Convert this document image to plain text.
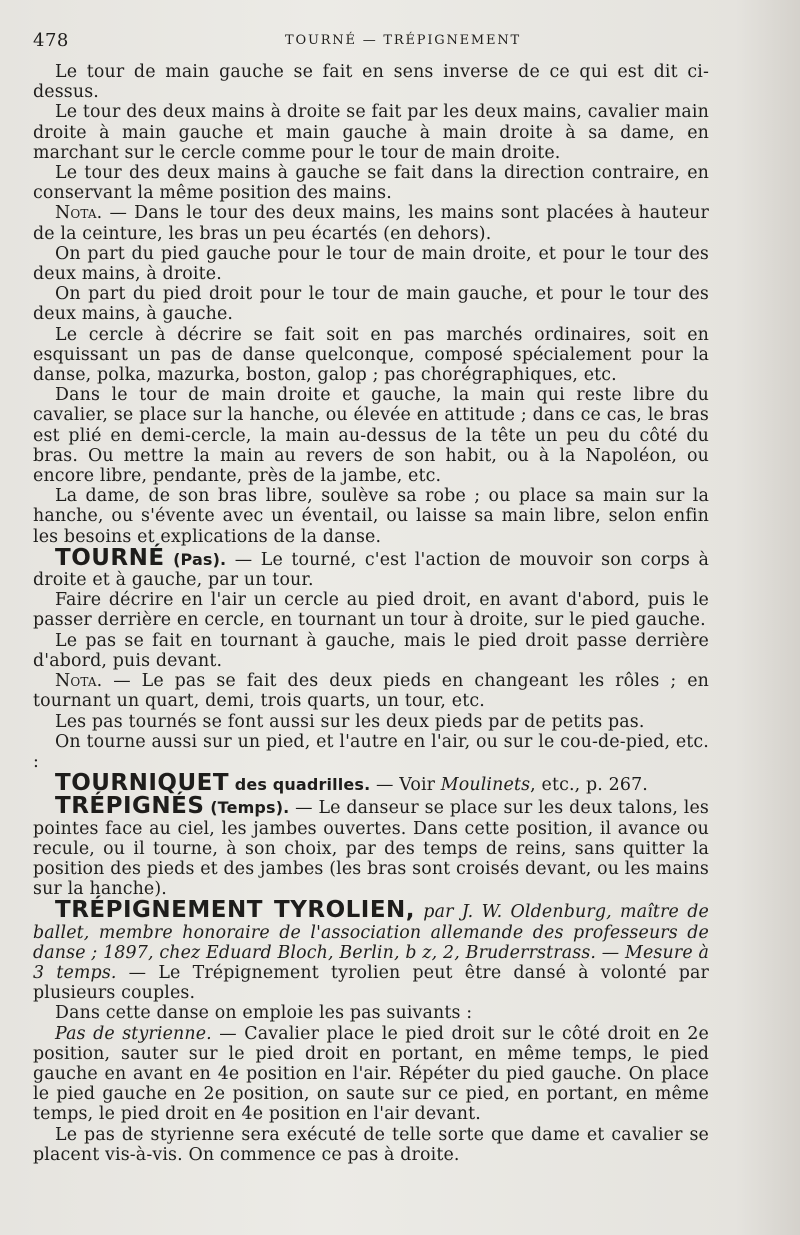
478	TOURNÉ — TRÉPIGNEMENT

Le tour de main gauche se fait en sens inverse de ce qui est dit ci-dessus.

Le tour des deux mains à droite se fait par les deux mains, cavalier main droite à main gauche et main gauche à main droite à sa dame, en marchant sur le cercle comme pour le tour de main droite.

Le tour des deux mains à gauche se fait dans la direction contraire, en conservant la même position des mains.

Nota. — Dans le tour des deux mains, les mains sont placées à hauteur de la ceinture, les bras un peu écartés (en dehors).

On part du pied gauche pour le tour de main droite, et pour le tour des deux mains, à droite.

On part du pied droit pour le tour de main gauche, et pour le tour des deux mains, à gauche.

Le cercle à décrire se fait soit en pas marchés ordinaires, soit en esquissant un pas de danse quelconque, composé spécialement pour la danse, polka, mazurka, boston, galop ; pas chorégraphiques, etc.

Dans le tour de main droite et gauche, la main qui reste libre du cavalier, se place sur la hanche, ou élevée en attitude ; dans ce cas, le bras est plié en demi-cercle, la main au-dessus de la tête un peu du côté du bras. Ou mettre la main au revers de son habit, ou à la Napoléon, ou encore libre, pendante, près de la jambe, etc.

La dame, de son bras libre, soulève sa robe ; ou place sa main sur la hanche, ou s'évente avec un éventail, ou laisse sa main libre, selon enfin les besoins et explications de la danse.

TOURNÉ (Pas). — Le tourné, c'est l'action de mouvoir son corps à droite et à gauche, par un tour.

Faire décrire en l'air un cercle au pied droit, en avant d'abord, puis le passer derrière en cercle, en tournant un tour à droite, sur le pied gauche.

Le pas se fait en tournant à gauche, mais le pied droit passe derrière d'abord, puis devant.

Nota. — Le pas se fait des deux pieds en changeant les rôles ; en tournant un quart, demi, trois quarts, un tour, etc.

Les pas tournés se font aussi sur les deux pieds par de petits pas.

On tourne aussi sur un pied, et l'autre en l'air, ou sur le cou-de-pied, etc. :

TOURNIQUET des quadrilles. — Voir Moulinets, etc., p. 267.

TRÉPIGNÉS (Temps). — Le danseur se place sur les deux talons, les pointes face au ciel, les jambes ouvertes. Dans cette position, il avance ou recule, ou il tourne, à son choix, par des temps de reins, sans quitter la position des pieds et des jambes (les bras sont croisés devant, ou les mains sur la hanche).

TRÉPIGNEMENT TYROLIEN, par J. W. Oldenburg, maître de ballet, membre honoraire de l'association allemande des professeurs de danse ; 1897, chez Eduard Bloch, Berlin, b z, 2, Bruderrstrass. — Mesure à 3 temps. — Le Trépignement tyrolien peut être dansé à volonté par plusieurs couples.

Dans cette danse on emploie les pas suivants :

Pas de styrienne. — Cavalier place le pied droit sur le côté droit en 2e position, sauter sur le pied droit en portant, en même temps, le pied gauche en avant en 4e position en l'air. Répéter du pied gauche. On place le pied gauche en 2e position, on saute sur ce pied, en portant, en même temps, le pied droit en 4e position en l'air devant.

Le pas de styrienne sera exécuté de telle sorte que dame et cavalier se placent vis-à-vis. On commence ce pas à droite.
